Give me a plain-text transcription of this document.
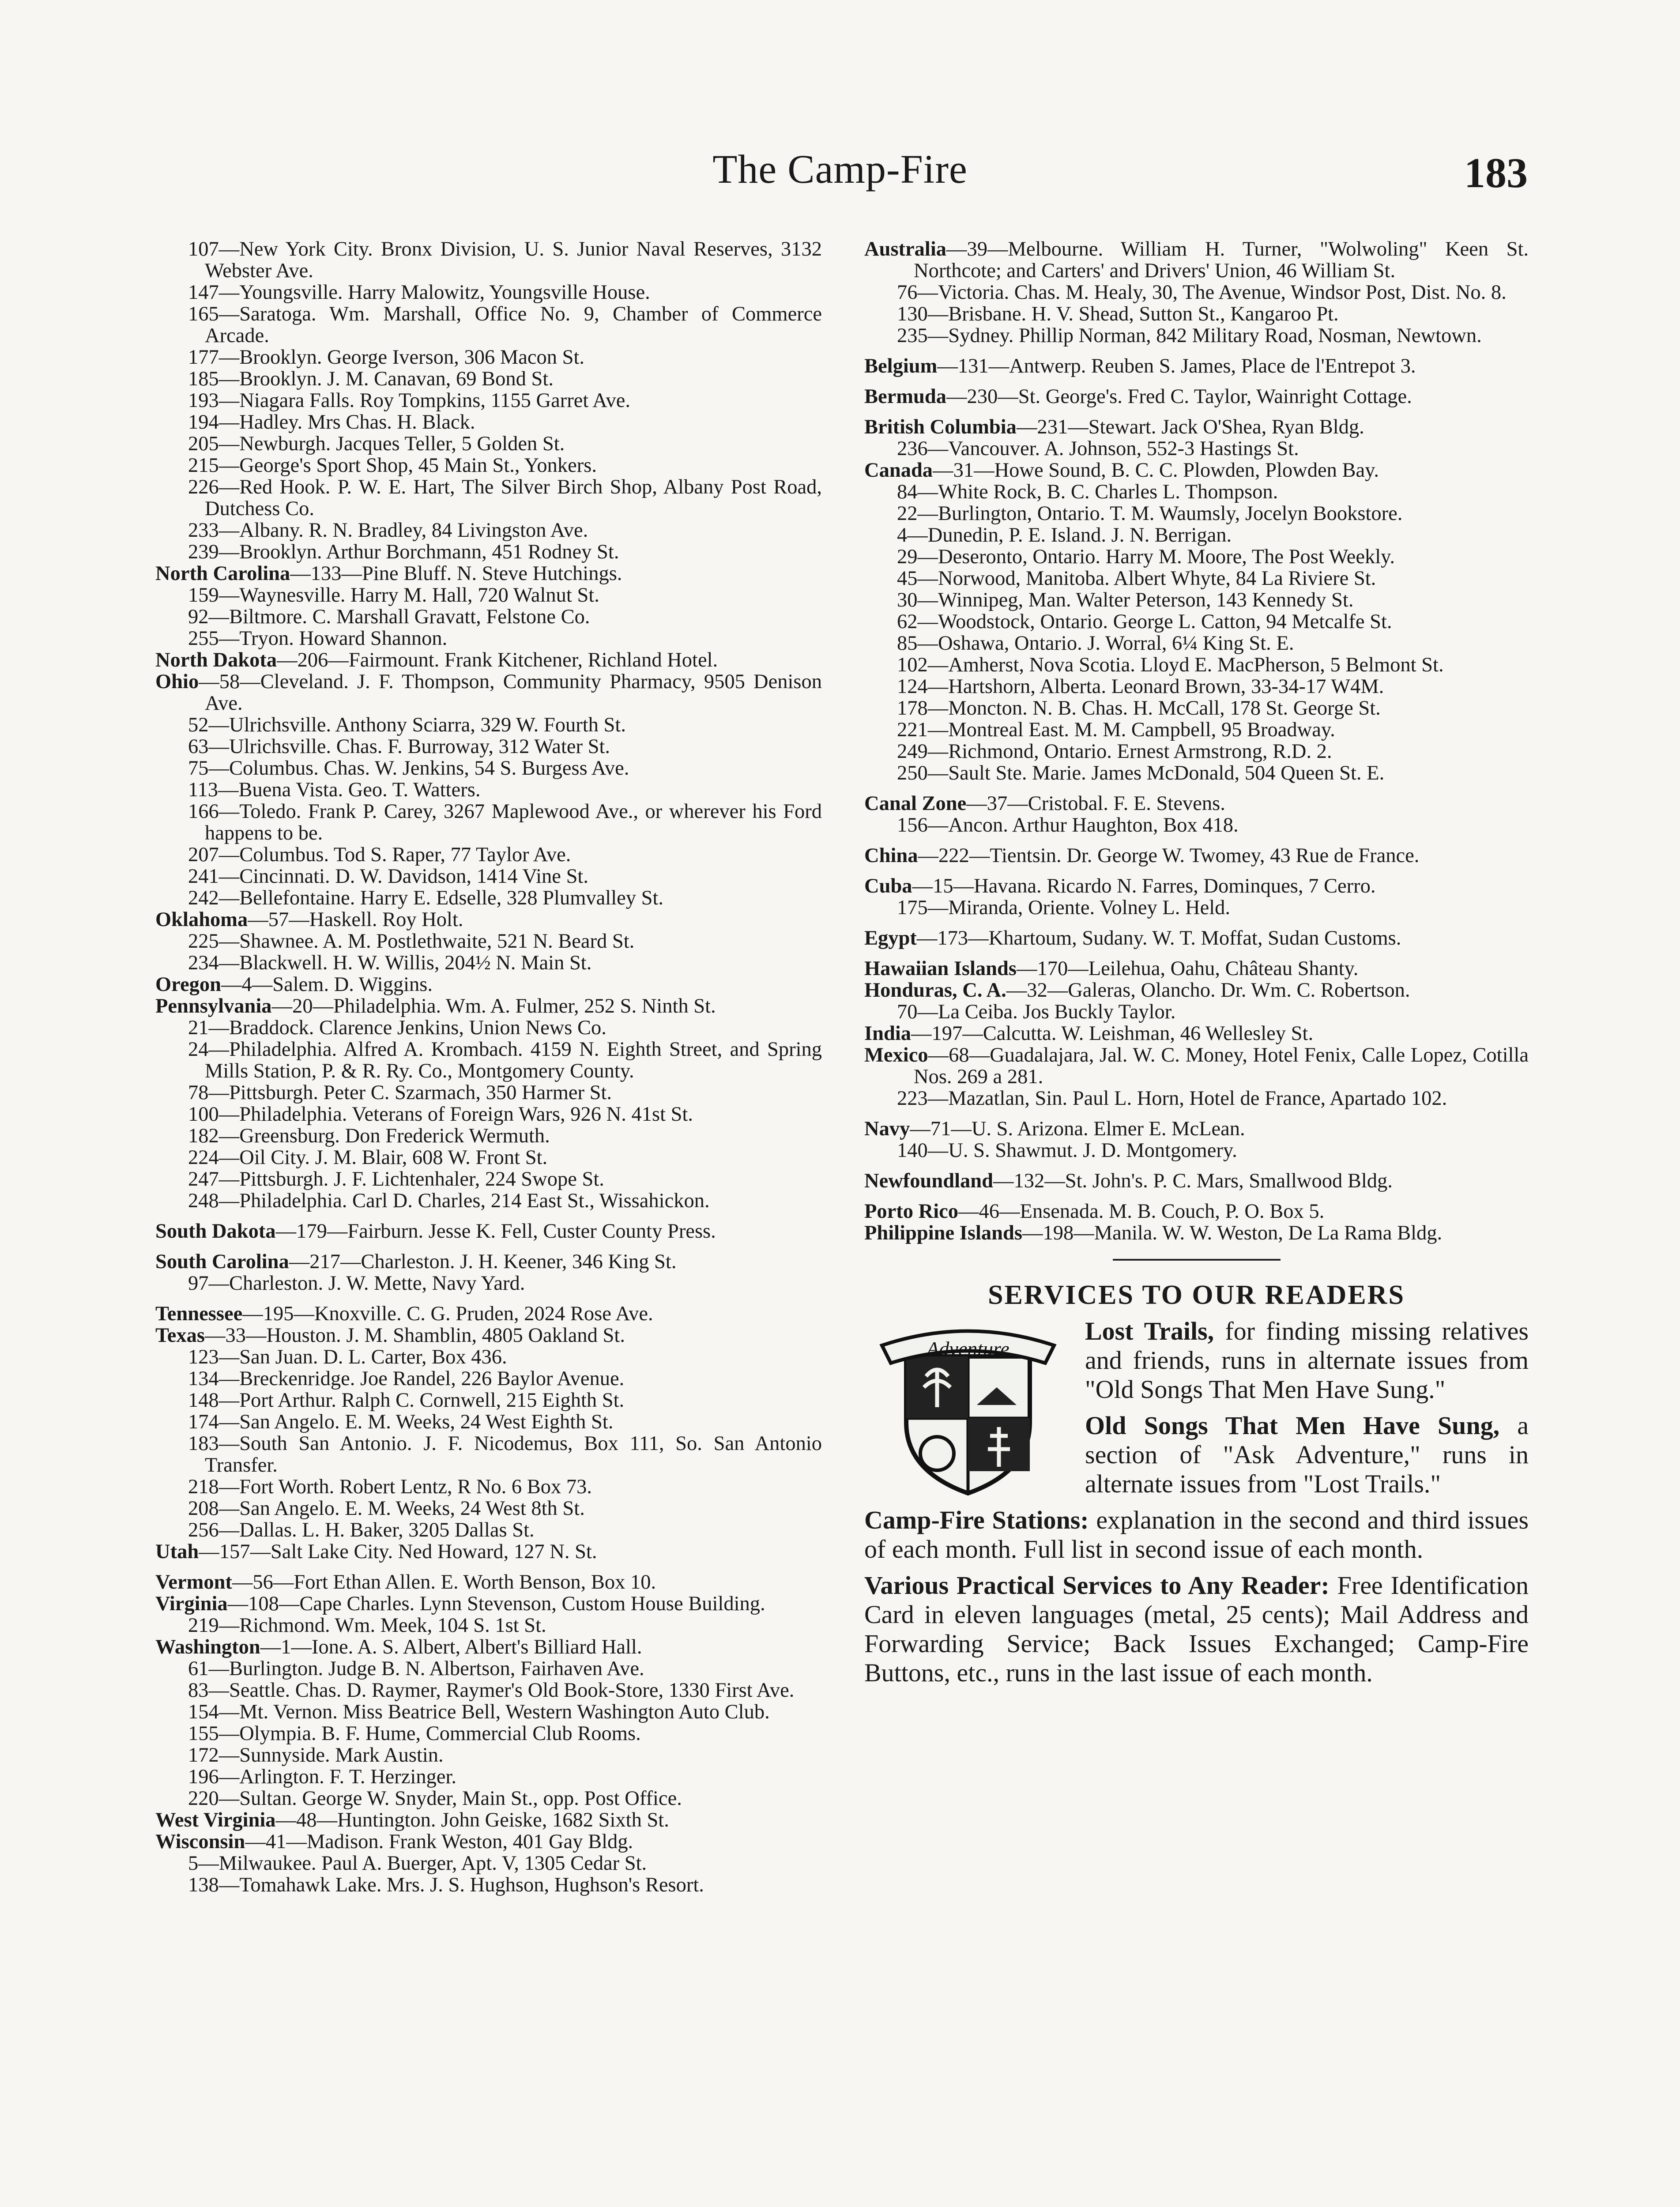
The Camp-Fire	183
107—New York City. Bronx Division, U. S. Junior Naval Reserves, 3132 Webster Ave.
147—Youngsville. Harry Malowitz, Youngsville House.
165—Saratoga. Wm. Marshall, Office No. 9, Chamber of Commerce Arcade.
177—Brooklyn. George Iverson, 306 Macon St.
185—Brooklyn. J. M. Canavan, 69 Bond St.
193—Niagara Falls. Roy Tompkins, 1155 Garret Ave.
194—Hadley. Mrs Chas. H. Black.
205—Newburgh. Jacques Teller, 5 Golden St.
215—George's Sport Shop, 45 Main St., Yonkers.
226—Red Hook. P. W. E. Hart, The Silver Birch Shop, Albany Post Road, Dutchess Co.
233—Albany. R. N. Bradley, 84 Livingston Ave.
239—Brooklyn. Arthur Borchmann, 451 Rodney St.
North Carolina—133—Pine Bluff. N. Steve Hutchings.
159—Waynesville. Harry M. Hall, 720 Walnut St.
92—Biltmore. C. Marshall Gravatt, Felstone Co.
255—Tryon. Howard Shannon.
North Dakota—206—Fairmount. Frank Kitchener, Richland Hotel.
Ohio—58—Cleveland. J. F. Thompson, Community Pharmacy, 9505 Denison Ave.
52—Ulrichsville. Anthony Sciarra, 329 W. Fourth St.
63—Ulrichsville. Chas. F. Burroway, 312 Water St.
75—Columbus. Chas. W. Jenkins, 54 S. Burgess Ave.
113—Buena Vista. Geo. T. Watters.
166—Toledo. Frank P. Carey, 3267 Maplewood Ave., or wherever his Ford happens to be.
207—Columbus. Tod S. Raper, 77 Taylor Ave.
241—Cincinnati. D. W. Davidson, 1414 Vine St.
242—Bellefontaine. Harry E. Edselle, 328 Plumvalley St.
Oklahoma—57—Haskell. Roy Holt.
225—Shawnee. A. M. Postlethwaite, 521 N. Beard St.
234—Blackwell. H. W. Willis, 204½ N. Main St.
Oregon—4—Salem. D. Wiggins.
Pennsylvania—20—Philadelphia. Wm. A. Fulmer, 252 S. Ninth St.
21—Braddock. Clarence Jenkins, Union News Co.
24—Philadelphia. Alfred A. Krombach. 4159 N. Eighth Street, and Spring Mills Station, P. & R. Ry. Co., Montgomery County.
78—Pittsburgh. Peter C. Szarmach, 350 Harmer St.
100—Philadelphia. Veterans of Foreign Wars, 926 N. 41st St.
182—Greensburg. Don Frederick Wermuth.
224—Oil City. J. M. Blair, 608 W. Front St.
247—Pittsburgh. J. F. Lichtenhaler, 224 Swope St.
248—Philadelphia. Carl D. Charles, 214 East St., Wissahickon.
South Dakota—179—Fairburn. Jesse K. Fell, Custer County Press.
South Carolina—217—Charleston. J. H. Keener, 346 King St.
97—Charleston. J. W. Mette, Navy Yard.
Tennessee—195—Knoxville. C. G. Pruden, 2024 Rose Ave.
Texas—33—Houston. J. M. Shamblin, 4805 Oakland St.
123—San Juan. D. L. Carter, Box 436.
134—Breckenridge. Joe Randel, 226 Baylor Avenue.
148—Port Arthur. Ralph C. Cornwell, 215 Eighth St.
174—San Angelo. E. M. Weeks, 24 West Eighth St.
183—South San Antonio. J. F. Nicodemus, Box 111, So. San Antonio Transfer.
218—Fort Worth. Robert Lentz, R No. 6 Box 73.
208—San Angelo. E. M. Weeks, 24 West 8th St.
256—Dallas. L. H. Baker, 3205 Dallas St.
Utah—157—Salt Lake City. Ned Howard, 127 N. St.
Vermont—56—Fort Ethan Allen. E. Worth Benson, Box 10.
Virginia—108—Cape Charles. Lynn Stevenson, Custom House Building.
219—Richmond. Wm. Meek, 104 S. 1st St.
Washington—1—Ione. A. S. Albert, Albert's Billiard Hall.
61—Burlington. Judge B. N. Albertson, Fairhaven Ave.
83—Seattle. Chas. D. Raymer, Raymer's Old Book-Store, 1330 First Ave.
154—Mt. Vernon. Miss Beatrice Bell, Western Washington Auto Club.
155—Olympia. B. F. Hume, Commercial Club Rooms.
172—Sunnyside. Mark Austin.
196—Arlington. F. T. Herzinger.
220—Sultan. George W. Snyder, Main St., opp. Post Office.
West Virginia—48—Huntington. John Geiske, 1682 Sixth St.
Wisconsin—41—Madison. Frank Weston, 401 Gay Bldg.
5—Milwaukee. Paul A. Buerger, Apt. V, 1305 Cedar St.
138—Tomahawk Lake. Mrs. J. S. Hughson, Hughson's Resort.
Australia—39—Melbourne. William H. Turner, "Wolwoling" Keen St. Northcote; and Carters' and Drivers' Union, 46 William St.
76—Victoria. Chas. M. Healy, 30, The Avenue, Windsor Post, Dist. No. 8.
130—Brisbane. H. V. Shead, Sutton St., Kangaroo Pt.
235—Sydney. Phillip Norman, 842 Military Road, Nosman, Newtown.
Belgium—131—Antwerp. Reuben S. James, Place de l'Entrepot 3.
Bermuda—230—St. George's. Fred C. Taylor, Wainright Cottage.
British Columbia—231—Stewart. Jack O'Shea, Ryan Bldg.
236—Vancouver. A. Johnson, 552-3 Hastings St.
Canada—31—Howe Sound, B. C. C. Plowden, Plowden Bay.
84—White Rock, B. C. Charles L. Thompson.
22—Burlington, Ontario. T. M. Waumsly, Jocelyn Bookstore.
4—Dunedin, P. E. Island. J. N. Berrigan.
29—Deseronto, Ontario. Harry M. Moore, The Post Weekly.
45—Norwood, Manitoba. Albert Whyte, 84 La Riviere St.
30—Winnipeg, Man. Walter Peterson, 143 Kennedy St.
62—Woodstock, Ontario. George L. Catton, 94 Metcalfe St.
85—Oshawa, Ontario. J. Worral, 6¼ King St. E.
102—Amherst, Nova Scotia. Lloyd E. MacPherson, 5 Belmont St.
124—Hartshorn, Alberta. Leonard Brown, 33-34-17 W4M.
178—Moncton. N. B. Chas. H. McCall, 178 St. George St.
221—Montreal East. M. M. Campbell, 95 Broadway.
249—Richmond, Ontario. Ernest Armstrong, R.D. 2.
250—Sault Ste. Marie. James McDonald, 504 Queen St. E.
Canal Zone—37—Cristobal. F. E. Stevens.
156—Ancon. Arthur Haughton, Box 418.
China—222—Tientsin. Dr. George W. Twomey, 43 Rue de France.
Cuba—15—Havana. Ricardo N. Farres, Dominques, 7 Cerro.
175—Miranda, Oriente. Volney L. Held.
Egypt—173—Khartoum, Sudany. W. T. Moffat, Sudan Customs.
Hawaiian Islands—170—Leilehua, Oahu, Château Shanty.
Honduras, C. A.—32—Galeras, Olancho. Dr. Wm. C. Robertson.
70—La Ceiba. Jos Buckly Taylor.
India—197—Calcutta. W. Leishman, 46 Wellesley St.
Mexico—68—Guadalajara, Jal. W. C. Money, Hotel Fenix, Calle Lopez, Cotilla Nos. 269 a 281.
223—Mazatlan, Sin. Paul L. Horn, Hotel de France, Apartado 102.
Navy—71—U. S. Arizona. Elmer E. McLean.
140—U. S. Shawmut. J. D. Montgomery.
Newfoundland—132—St. John's. P. C. Mars, Smallwood Bldg.
Porto Rico—46—Ensenada. M. B. Couch, P. O. Box 5.
Philippine Islands—198—Manila. W. W. Weston, De La Rama Bldg.
SERVICES TO OUR READERS
Adventure
Lost Trails, for finding missing relatives and friends, runs in alternate issues from "Old Songs That Men Have Sung."
Old Songs That Men Have Sung, a section of "Ask Adventure," runs in alternate issues from "Lost Trails."
Camp-Fire Stations: explanation in the second and third issues of each month. Full list in second issue of each month.
Various Practical Services to Any Reader: Free Identification Card in eleven languages (metal, 25 cents); Mail Address and Forwarding Service; Back Issues Exchanged; Camp-Fire Buttons, etc., runs in the last issue of each month.
